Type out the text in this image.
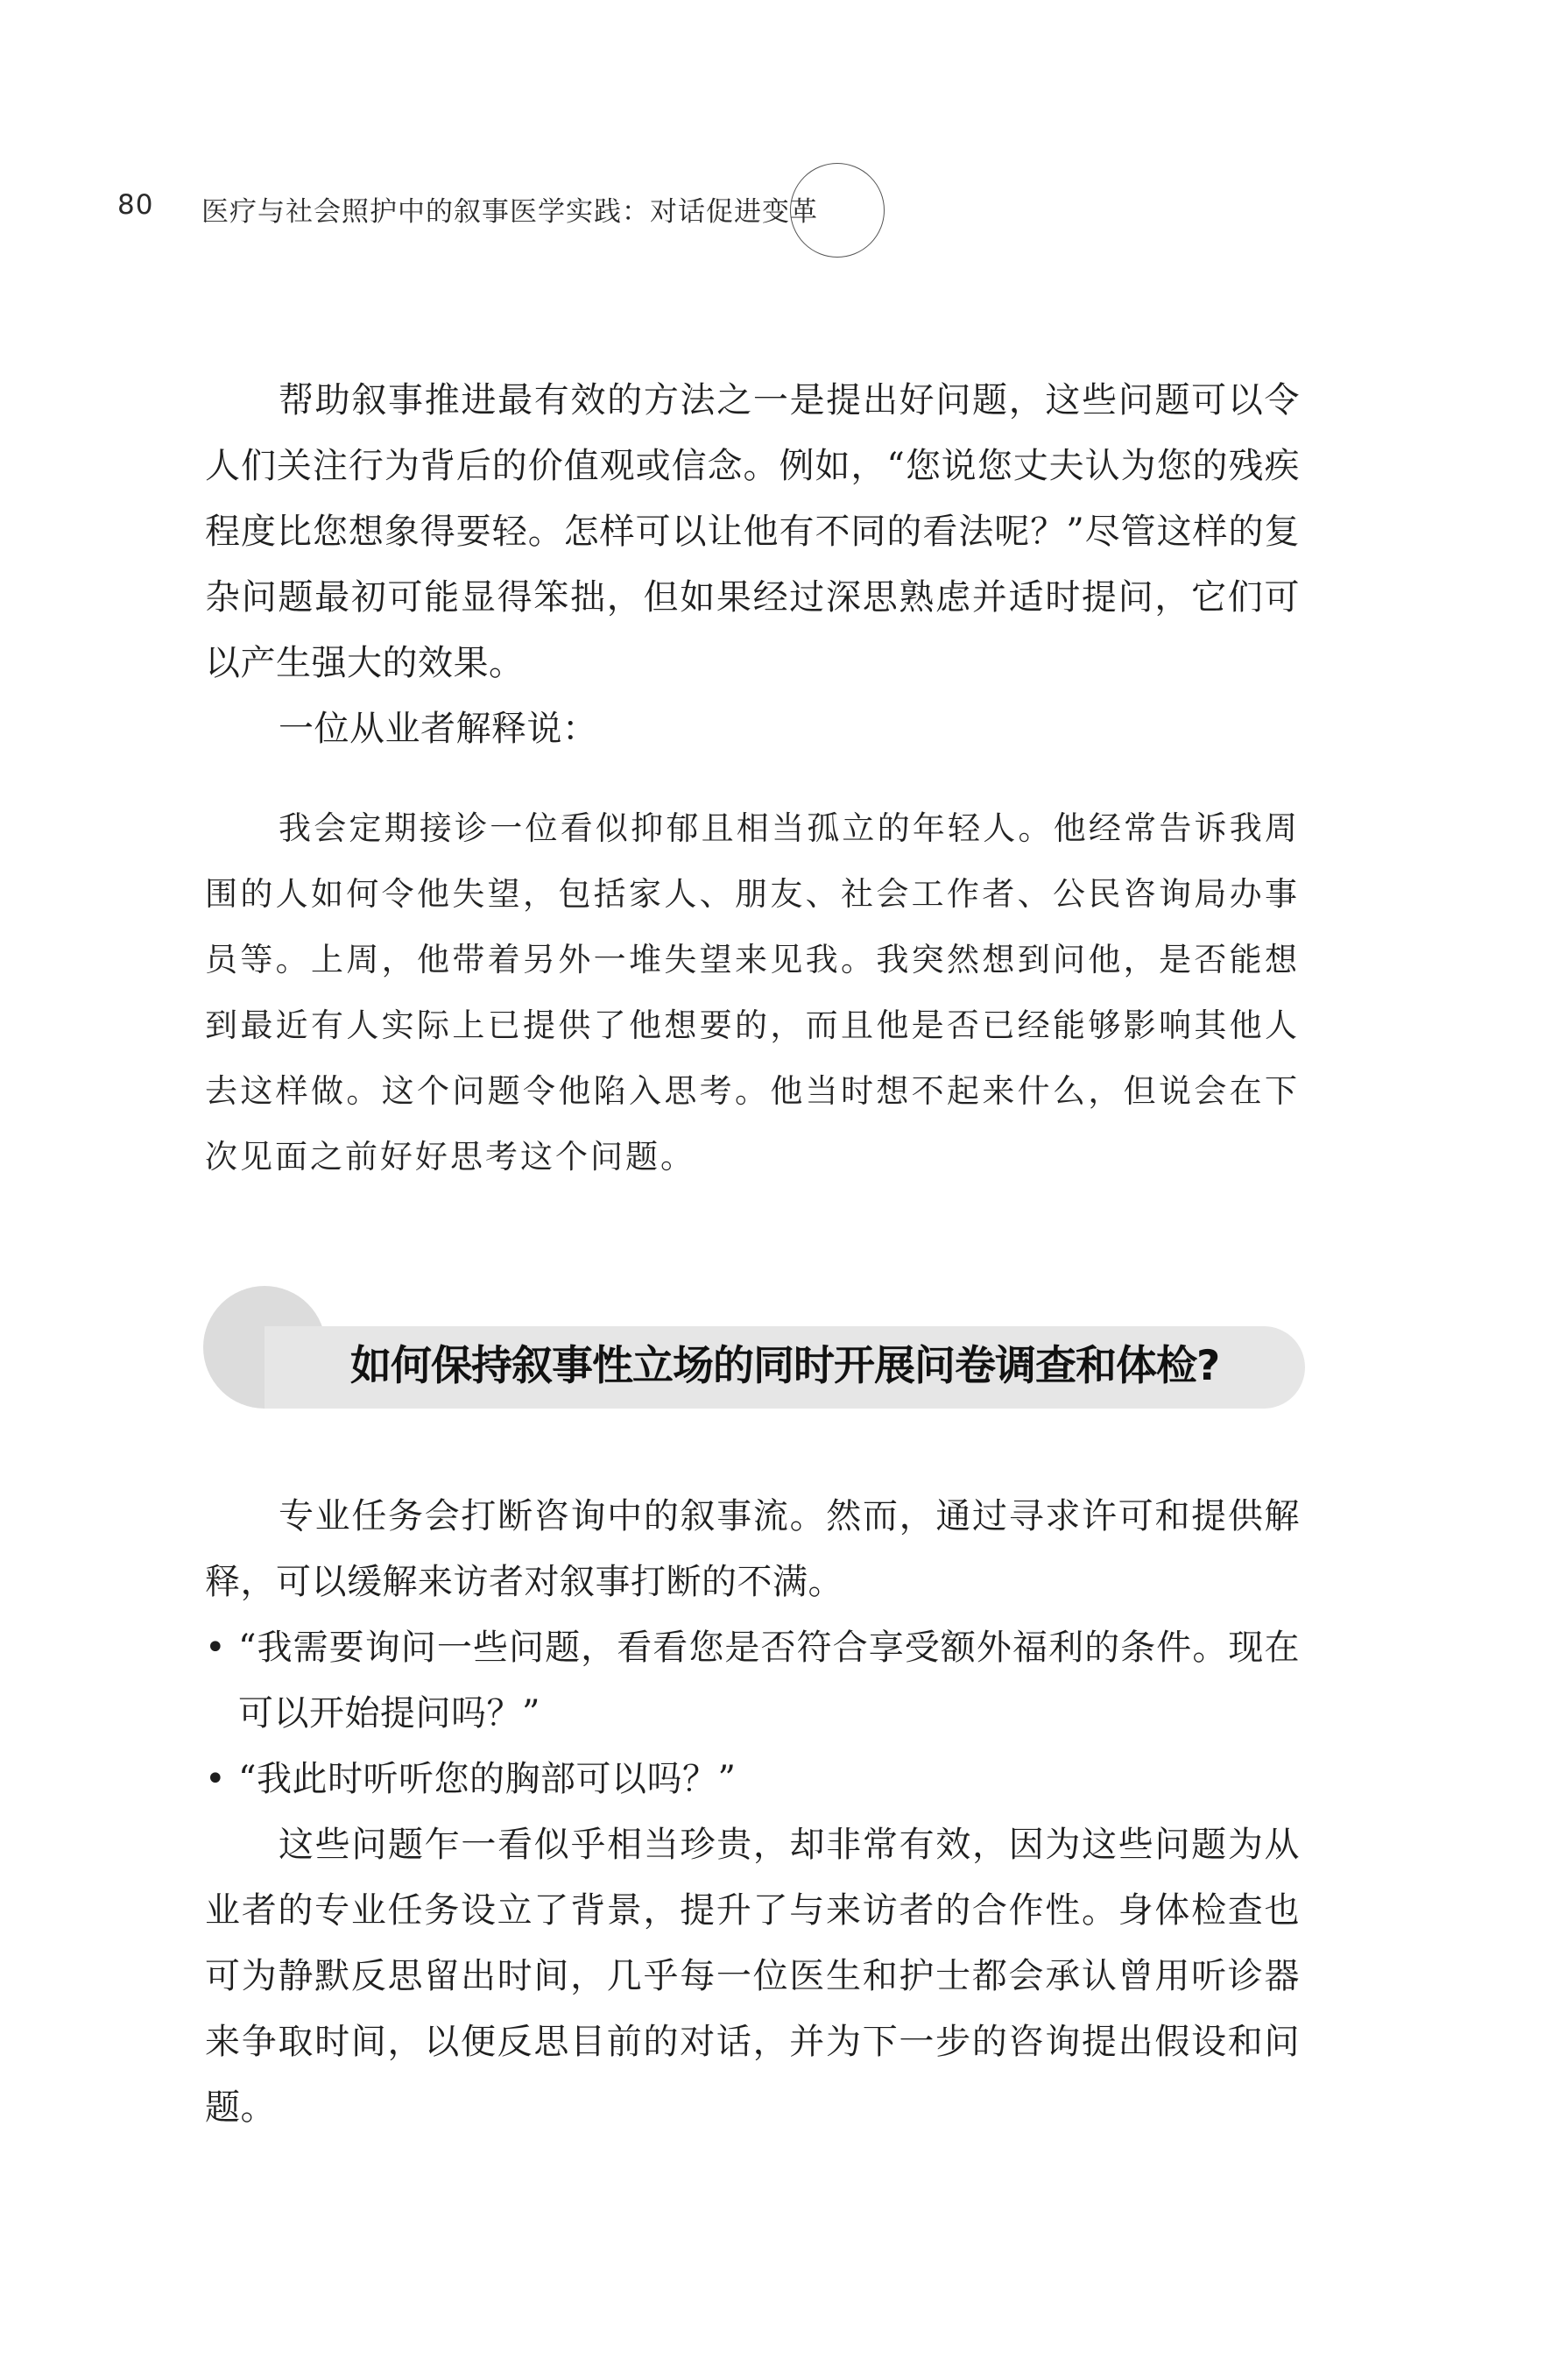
80 医疗与社会照护中的叙事医学实践：对话促进变革

帮助叙事推进最有效的方法之一是提出好问题，这些问题可以令人们关注行为背后的价值观或信念。例如，“您说您丈夫认为您的残疾程度比您想象得要轻。怎样可以让他有不同的看法呢？”尽管这样的复杂问题最初可能显得笨拙，但如果经过深思熟虑并适时提问，它们可以产生强大的效果。

一位从业者解释说：

我会定期接诊一位看似抑郁且相当孤立的年轻人。他经常告诉我周围的人如何令他失望，包括家人、朋友、社会工作者、公民咨询局办事员等。上周，他带着另外一堆失望来见我。我突然想到问他，是否能想到最近有人实际上已提供了他想要的，而且他是否已经能够影响其他人去这样做。这个问题令他陷入思考。他当时想不起来什么，但说会在下次见面之前好好思考这个问题。

如何保持叙事性立场的同时开展问卷调查和体检?

专业任务会打断咨询中的叙事流。然而，通过寻求许可和提供解释，可以缓解来访者对叙事打断的不满。

• “我需要询问一些问题，看看您是否符合享受额外福利的条件。现在可以开始提问吗？”
• “我此时听听您的胸部可以吗？”

这些问题乍一看似乎相当珍贵，却非常有效，因为这些问题为从业者的专业任务设立了背景，提升了与来访者的合作性。身体检查也可为静默反思留出时间，几乎每一位医生和护士都会承认曾用听诊器来争取时间，以便反思目前的对话，并为下一步的咨询提出假设和问题。
